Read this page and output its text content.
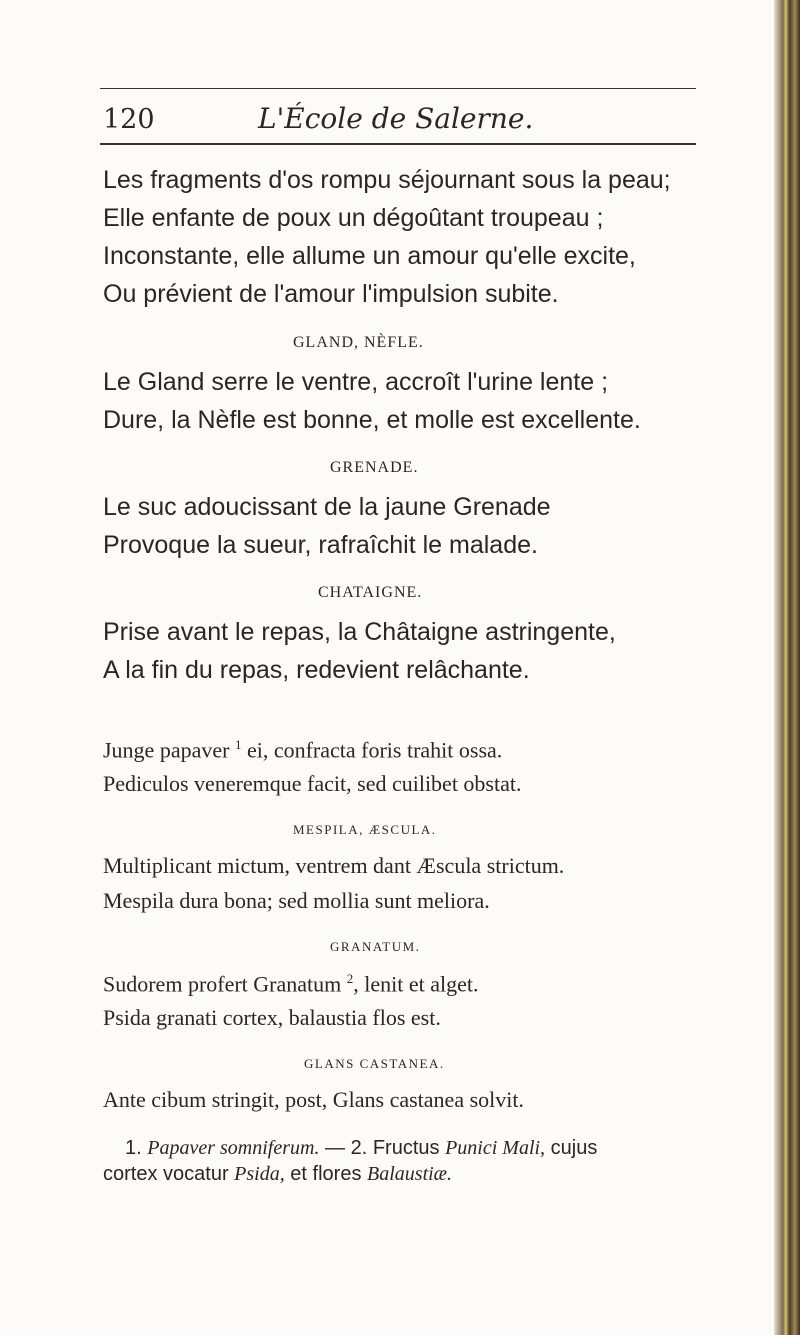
120	L'École de Salerne.
Les fragments d'os rompu séjournant sous la peau;
Elle enfante de poux un dégoûtant troupeau ;
Inconstante, elle allume un amour qu'elle excite,
Ou prévient de l'amour l'impulsion subite.
GLAND, NÈFLE.
Le Gland serre le ventre, accroît l'urine lente ;
Dure, la Nèfle est bonne, et molle est excellente.
GRENADE.
Le suc adoucissant de la jaune Grenade
Provoque la sueur, rafraîchit le malade.
CHATAIGNE.
Prise avant le repas, la Châtaigne astringente,
A la fin du repas, redevient relâchante.
Junge papaver $^1$ ei, confracta foris trahit ossa.
Pediculos veneremque facit, sed cuilibet obstat.
MESPILA, ÆSCULA.
Multiplicant mictum, ventrem dant Æscula strictum.
Mespila dura bona; sed mollia sunt meliora.
GRANATUM.
Sudorem profert Granatum $^2$, lenit et alget.
Psida granati cortex, balaustia flos est.
GLANS CASTANEA.
Ante cibum stringit, post, Glans castanea solvit.
1. Papaver somniferum. — 2. Fructus Punici Mali, cujus
cortex vocatur Psida, et flores Balaustiæ.
